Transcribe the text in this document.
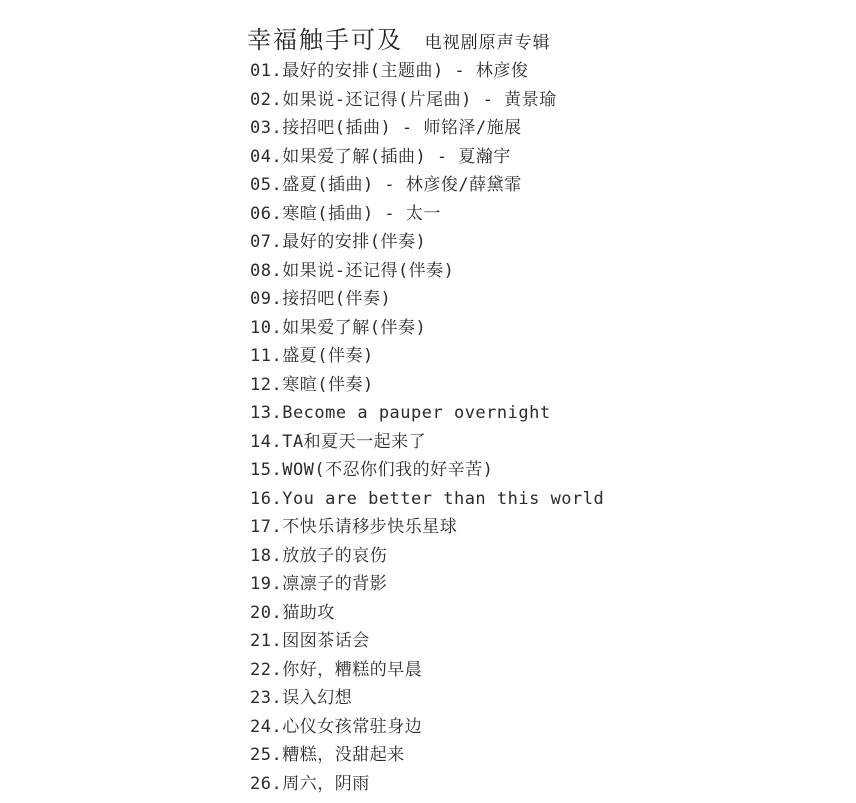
幸福触手可及 电视剧原声专辑
01.最好的安排(主题曲) - 林彦俊
02.如果说-还记得(片尾曲) - 黄景瑜
03.接招吧(插曲) - 师铭泽/施展
04.如果爱了解(插曲) - 夏瀚宇
05.盛夏(插曲) - 林彦俊/薛黛霏
06.寒暄(插曲) - 太一
07.最好的安排(伴奏)
08.如果说-还记得(伴奏)
09.接招吧(伴奏)
10.如果爱了解(伴奏)
11.盛夏(伴奏)
12.寒暄(伴奏)
13.Become a pauper overnight
14.TA和夏天一起来了
15.WOW(不忍你们我的好辛苦)
16.You are better than this world
17.不快乐请移步快乐星球
18.放放子的哀伤
19.凛凛子的背影
20.猫助攻
21.囡囡茶话会
22.你好，糟糕的早晨
23.误入幻想
24.心仪女孩常驻身边
25.糟糕，没甜起来
26.周六，阴雨
